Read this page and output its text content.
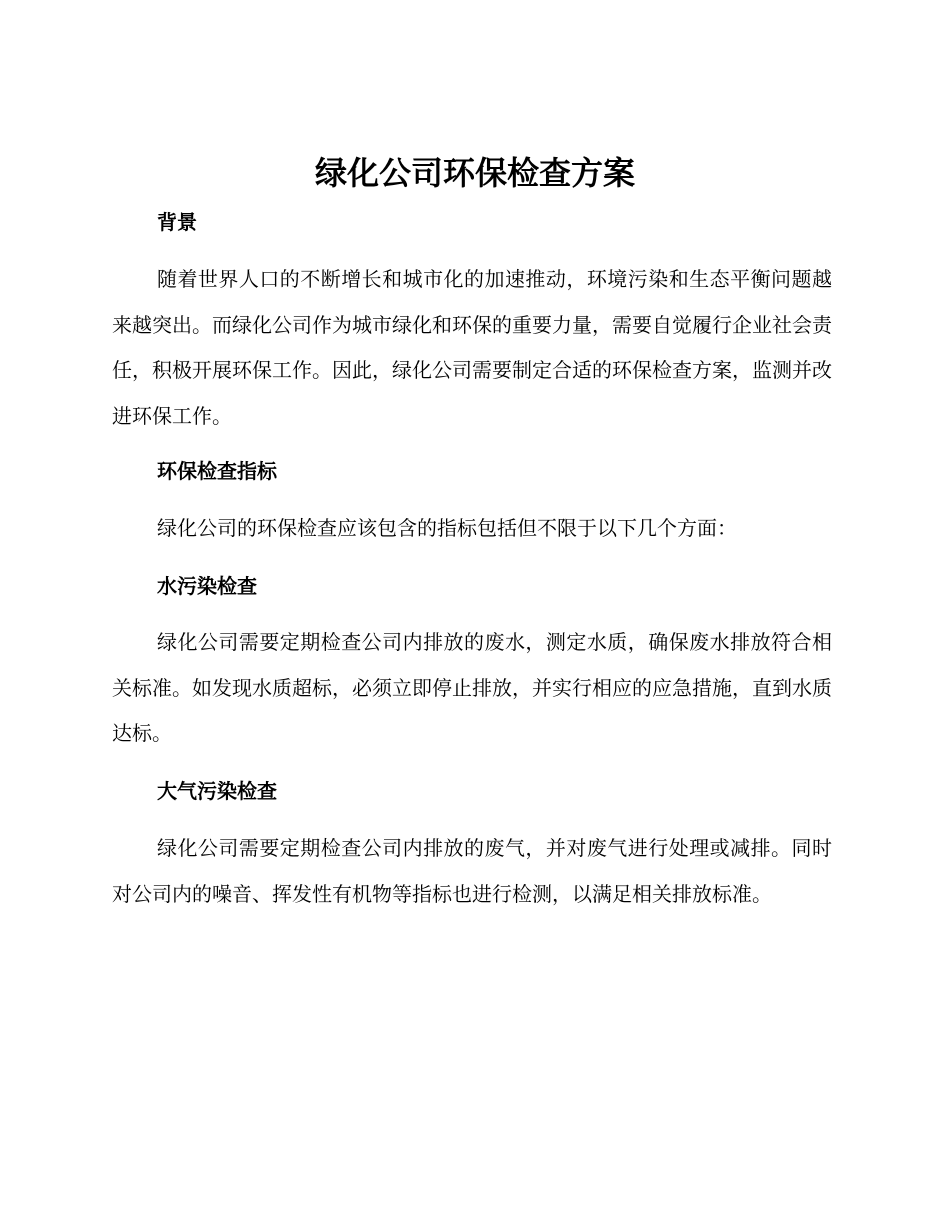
绿化公司环保检查方案
背景

随着世界人口的不断增长和城市化的加速推动，环境污染和生态平衡问题越来越突出。而绿化公司作为城市绿化和环保的重要力量，需要自觉履行企业社会责任，积极开展环保工作。因此，绿化公司需要制定合适的环保检查方案，监测并改进环保工作。

环保检查指标

绿化公司的环保检查应该包含的指标包括但不限于以下几个方面：

水污染检查

绿化公司需要定期检查公司内排放的废水，测定水质，确保废水排放符合相关标准。如发现水质超标，必须立即停止排放，并实行相应的应急措施，直到水质达标。

大气污染检查

绿化公司需要定期检查公司内排放的废气，并对废气进行处理或减排。同时对公司内的噪音、挥发性有机物等指标也进行检测，以满足相关排放标准。
